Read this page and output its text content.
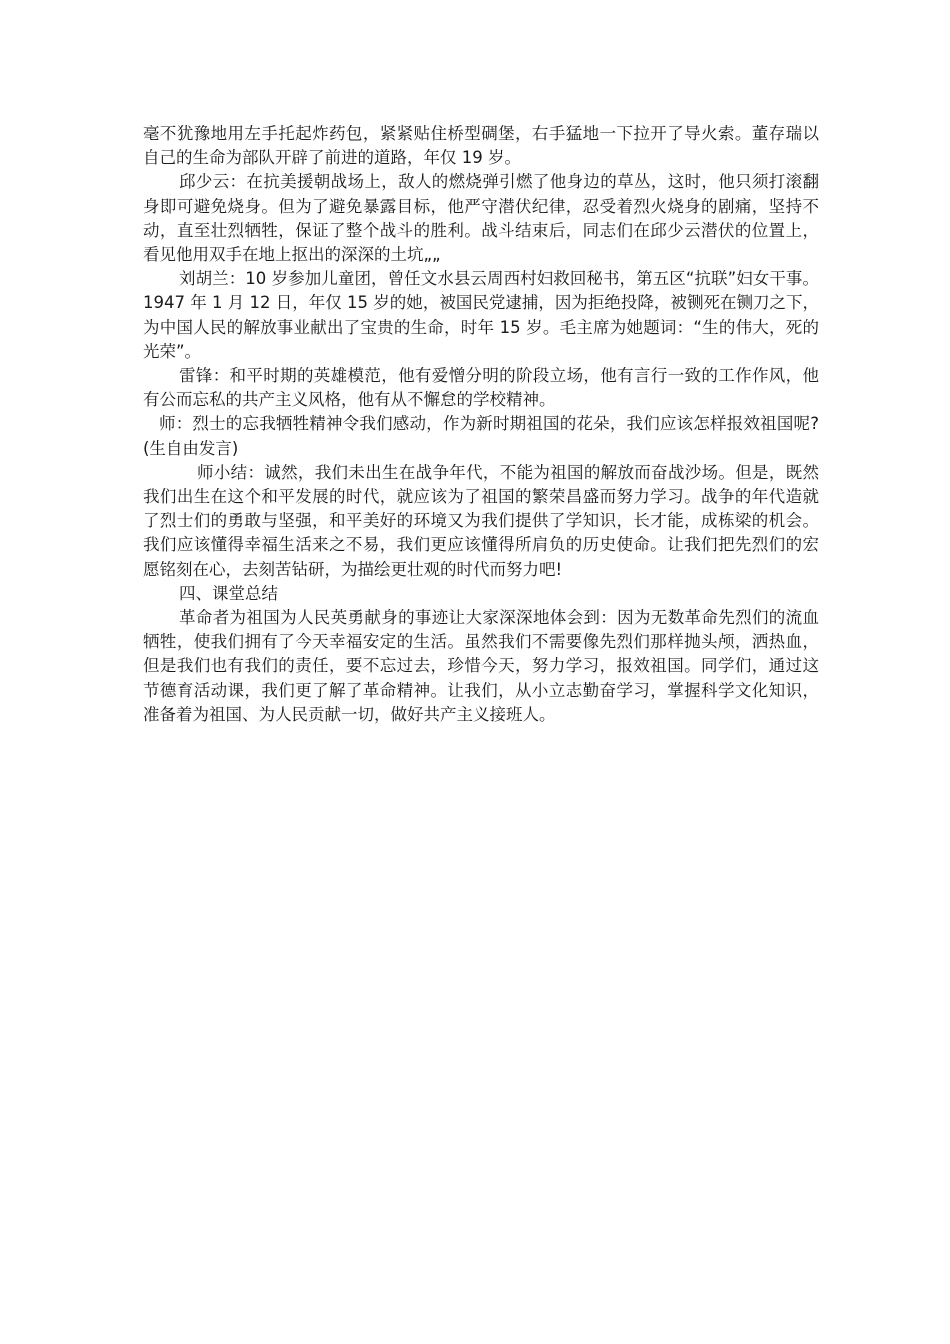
毫不犹豫地用左手托起炸药包，紧紧贴住桥型碉堡，右手猛地一下拉开了导火索。董存瑞以自己的生命为部队开辟了前进的道路，年仅 19 岁。

邱少云：在抗美援朝战场上，敌人的燃烧弹引燃了他身边的草丛，这时，他只须打滚翻身即可避免烧身。但为了避免暴露目标，他严守潜伏纪律，忍受着烈火烧身的剧痛，坚持不动，直至壮烈牺牲，保证了整个战斗的胜利。战斗结束后，同志们在邱少云潜伏的位置上，看见他用双手在地上抠出的深深的土坑„„

刘胡兰：10 岁参加儿童团，曾任文水县云周西村妇救回秘书，第五区“抗联”妇女干事。1947 年 1 月 12 日，年仅 15 岁的她，被国民党逮捕，因为拒绝投降，被铡死在铡刀之下，为中国人民的解放事业献出了宝贵的生命，时年 15 岁。毛主席为她题词：“生的伟大，死的光荣”。

雷锋：和平时期的英雄模范，他有爱憎分明的阶段立场，他有言行一致的工作作风，他有公而忘私的共产主义风格，他有从不懈怠的学校精神。

师：烈士的忘我牺牲精神令我们感动，作为新时期祖国的花朵，我们应该怎样报效祖国呢?(生自由发言)

师小结：诚然，我们未出生在战争年代，不能为祖国的解放而奋战沙场。但是，既然我们出生在这个和平发展的时代，就应该为了祖国的繁荣昌盛而努力学习。战争的年代造就了烈士们的勇敢与坚强，和平美好的环境又为我们提供了学知识，长才能，成栋梁的机会。我们应该懂得幸福生活来之不易，我们更应该懂得所肩负的历史使命。让我们把先烈们的宏愿铭刻在心，去刻苦钻研，为描绘更壮观的时代而努力吧!

四、课堂总结

革命者为祖国为人民英勇献身的事迹让大家深深地体会到：因为无数革命先烈们的流血牺牲，使我们拥有了今天幸福安定的生活。虽然我们不需要像先烈们那样抛头颅，洒热血，但是我们也有我们的责任，要不忘过去，珍惜今天，努力学习，报效祖国。同学们，通过这节德育活动课，我们更了解了革命精神。让我们，从小立志勤奋学习，掌握科学文化知识，准备着为祖国、为人民贡献一切，做好共产主义接班人。
